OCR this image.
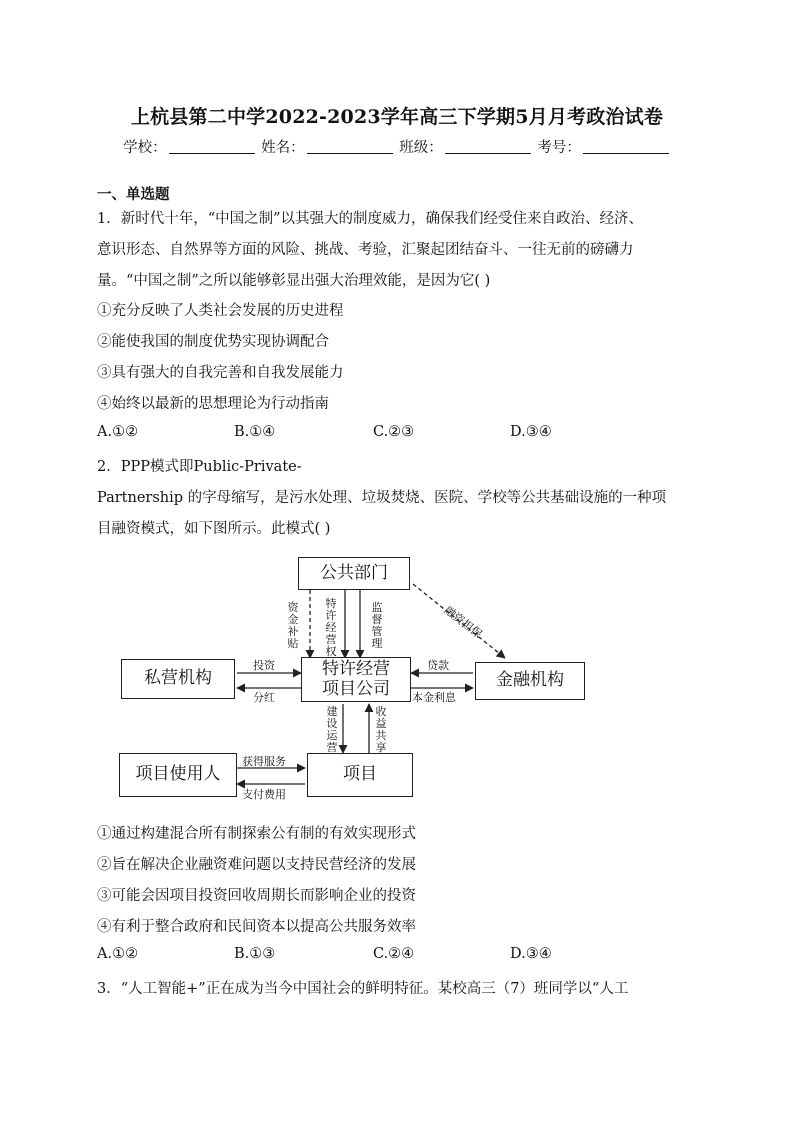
上杭县第二中学2022-2023学年高三下学期5月月考政治试卷
学校：	姓名：	班级：	考号：
一、单选题
1．新时代十年，“中国之制”以其强大的制度威力，确保我们经受住来自政治、经济、
意识形态、自然界等方面的风险、挑战、考验，汇聚起团结奋斗、一往无前的磅礴力
量。“中国之制”之所以能够彰显出强大治理效能，是因为它( )
①充分反映了人类社会发展的历史进程
②能使我国的制度优势实现协调配合
③具有强大的自我完善和自我发展能力
④始终以最新的思想理论为行动指南
A.①②	B.①④	C.②③	D.③④
2．PPP模式即Public-Private-
Partnership 的字母缩写，是污水处理、垃圾焚烧、医院、学校等公共基础设施的一种项
目融资模式，如下图所示。此模式( )
公共部门
私营机构	特许经营
项目公司	金融机构
项目使用人	项目
资金补贴
特许经营权
监督管理
融资担保
投资
分红
贷款
本金利息
建设运营
收益共享
获得服务
支付费用
①通过构建混合所有制探索公有制的有效实现形式
②旨在解决企业融资难问题以支持民营经济的发展
③可能会因项目投资回收周期长而影响企业的投资
④有利于整合政府和民间资本以提高公共服务效率
A.①②	B.①③	C.②④	D.③④
3．“人工智能+”正在成为当今中国社会的鲜明特征。某校高三（7）班同学以“人工
